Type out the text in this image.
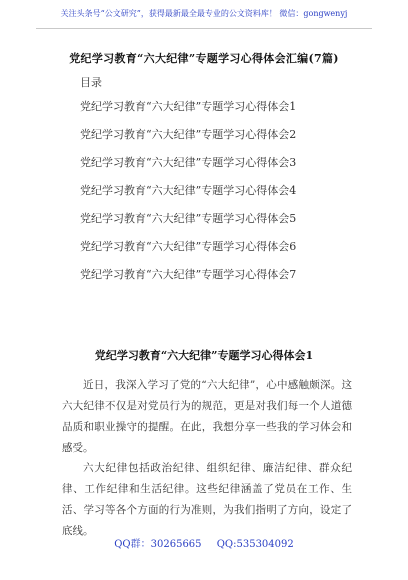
关注头条号“公文研究”，获得最新最全最专业的公文资料库！ 微信：gongwenyj
党纪学习教育“六大纪律”专题学习心得体会汇编(7篇)
目录
党纪学习教育“六大纪律”专题学习心得体会1
党纪学习教育“六大纪律”专题学习心得体会2
党纪学习教育“六大纪律”专题学习心得体会3
党纪学习教育“六大纪律”专题学习心得体会4
党纪学习教育“六大纪律”专题学习心得体会5
党纪学习教育“六大纪律”专题学习心得体会6
党纪学习教育“六大纪律”专题学习心得体会7
党纪学习教育“六大纪律”专题学习心得体会1

近日，我深入学习了党的“六大纪律”，心中感触颇深。这六大纪律不仅是对党员行为的规范，更是对我们每一个人道德品质和职业操守的提醒。在此，我想分享一些我的学习体会和感受。

六大纪律包括政治纪律、组织纪律、廉洁纪律、群众纪律、工作纪律和生活纪律。这些纪律涵盖了党员在工作、生活、学习等各个方面的行为准则，为我们指明了方向，设定了底线。

QQ群：30265665 QQ:535304092
